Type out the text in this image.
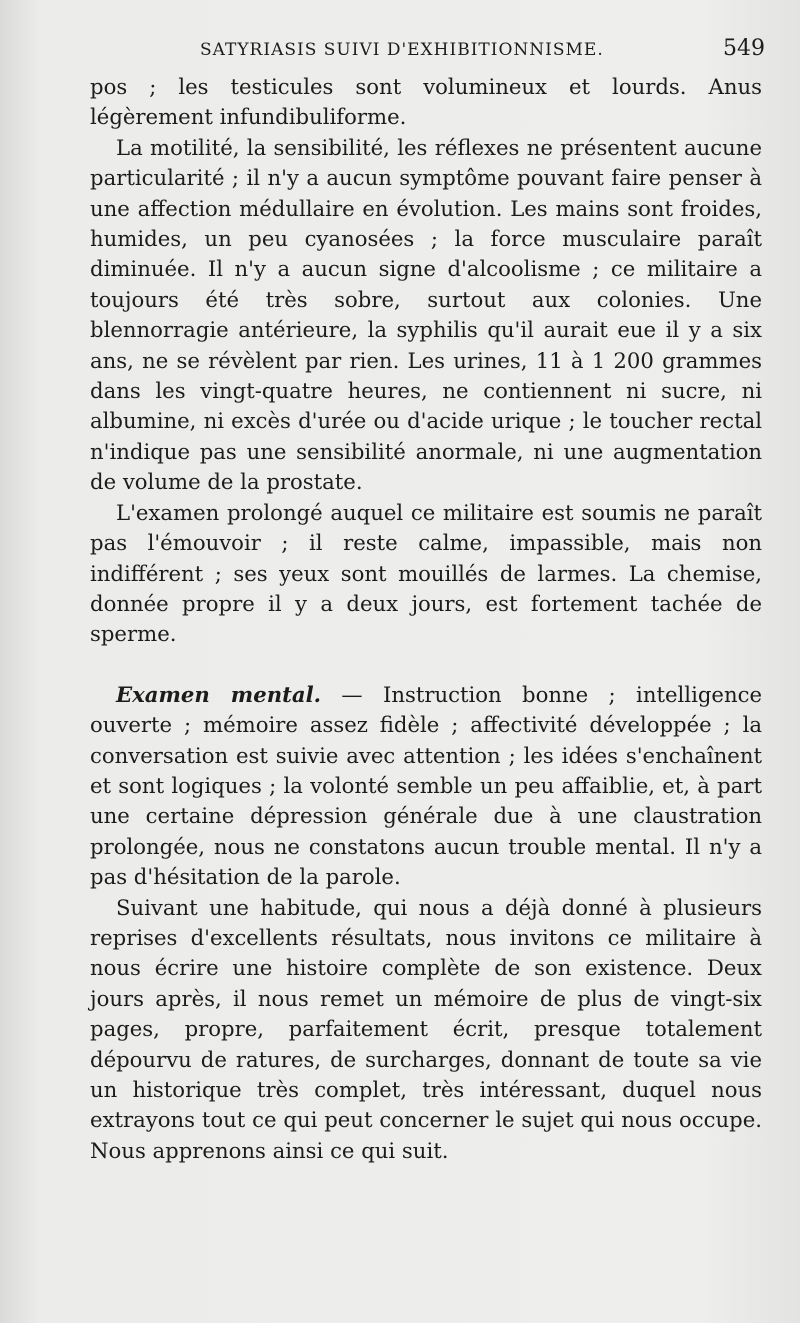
SATYRIASIS SUIVI D'EXHIBITIONNISME.	549

pos ; les testicules sont volumineux et lourds. Anus légèrement infundibuliforme.

La motilité, la sensibilité, les réflexes ne présentent aucune particularité ; il n'y a aucun symptôme pouvant faire penser à une affection médullaire en évolution. Les mains sont froides, humides, un peu cyanosées ; la force musculaire paraît diminuée. Il n'y a aucun signe d'alcoolisme ; ce militaire a toujours été très sobre, surtout aux colonies. Une blennorragie antérieure, la syphilis qu'il aurait eue il y a six ans, ne se révèlent par rien. Les urines, 11 à 1 200 grammes dans les vingt-quatre heures, ne contiennent ni sucre, ni albumine, ni excès d'urée ou d'acide urique ; le toucher rectal n'indique pas une sensibilité anormale, ni une augmentation de volume de la prostate.

L'examen prolongé auquel ce militaire est soumis ne paraît pas l'émouvoir ; il reste calme, impassible, mais non indifférent ; ses yeux sont mouillés de larmes. La chemise, donnée propre il y a deux jours, est fortement tachée de sperme.

Examen mental. — Instruction bonne ; intelligence ouverte ; mémoire assez fidèle ; affectivité développée ; la conversation est suivie avec attention ; les idées s'enchaînent et sont logiques ; la volonté semble un peu affaiblie, et, à part une certaine dépression générale due à une claustration prolongée, nous ne constatons aucun trouble mental. Il n'y a pas d'hésitation de la parole.

Suivant une habitude, qui nous a déjà donné à plusieurs reprises d'excellents résultats, nous invitons ce militaire à nous écrire une histoire complète de son existence. Deux jours après, il nous remet un mémoire de plus de vingt-six pages, propre, parfaitement écrit, presque totalement dépourvu de ratures, de surcharges, donnant de toute sa vie un historique très complet, très intéressant, duquel nous extrayons tout ce qui peut concerner le sujet qui nous occupe. Nous apprenons ainsi ce qui suit.
